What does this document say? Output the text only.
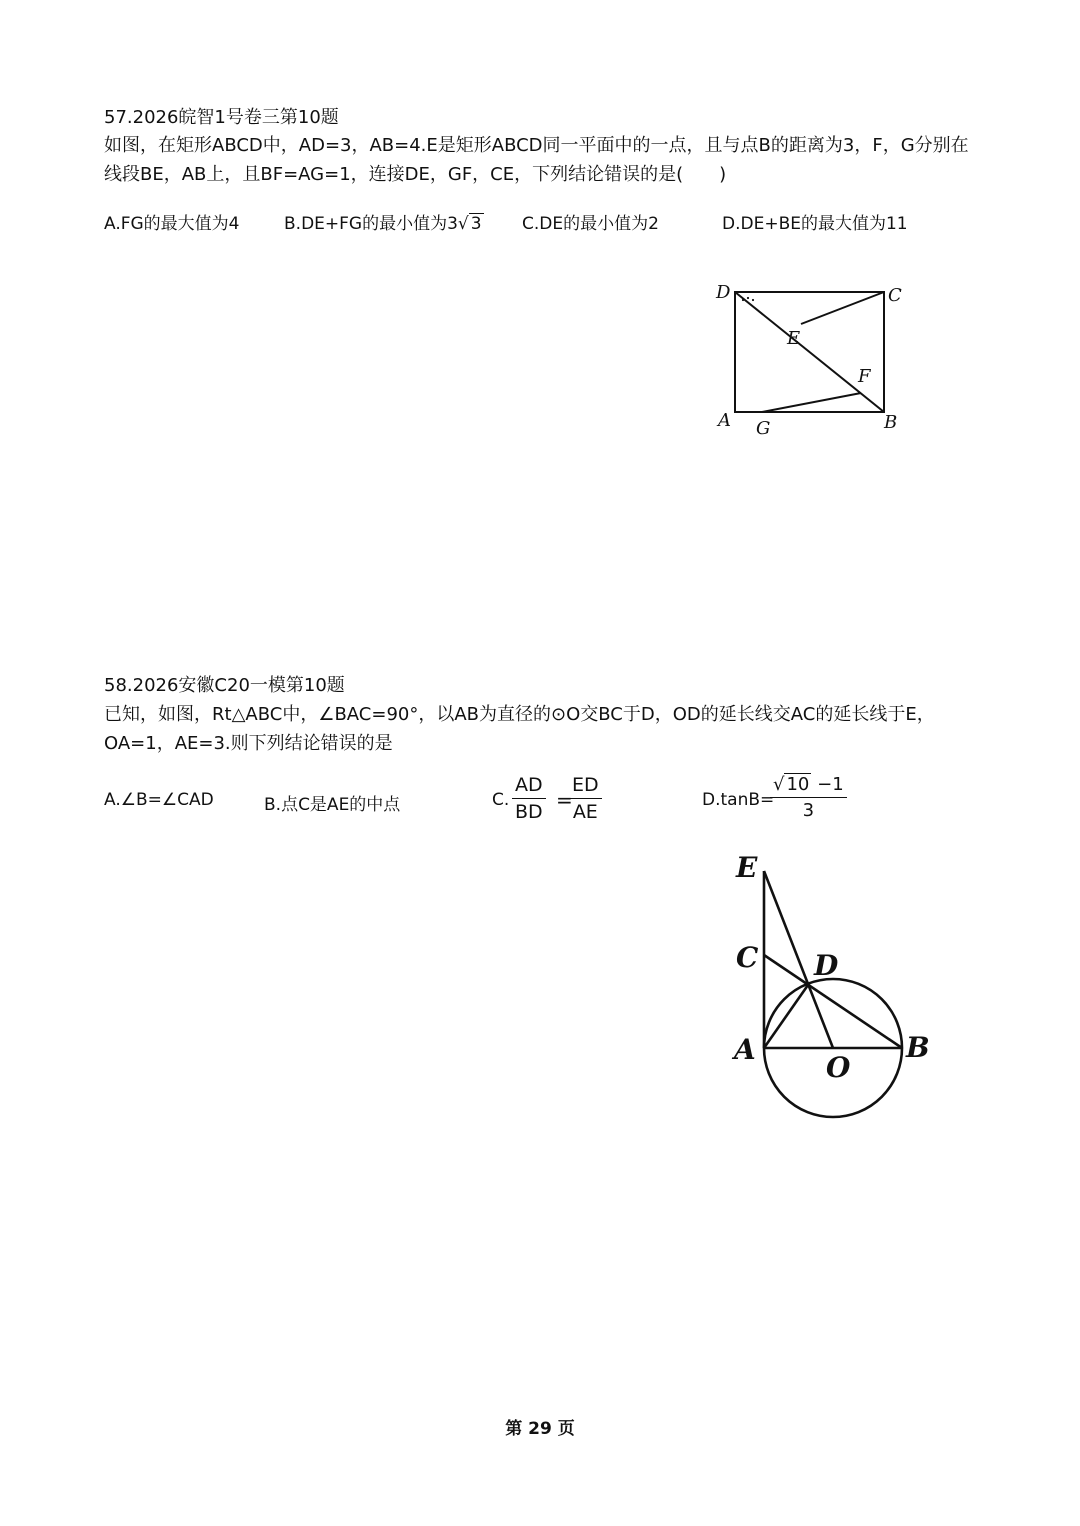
57.2026皖智1号卷三第10题
如图，在矩形ABCD中，AD=3，AB=4.E是矩形ABCD同一平面中的一点，且与点B的距离为3，F，G分别在
线段BE，AB上，且BF=AG=1，连接DE，GF，CE，下列结论错误的是(　　)
A.FG的最大值为4	B.DE+FG的最小值为3√ 3 C.DE的最小值为2	D.DE+BE的最大值为11
D	C
E
F
A G	B
58.2026安徽C20一模第10题
已知，如图，Rt△ABC中，∠BAC=90°，以AB为直径的⊙O交BC于D，OD的延长线交AC的延长线于E，
OA=1，AE=3.则下列结论错误的是
A.∠B=∠CAD	B.点C是AE的中点	C. $\frac{AD}{BD}$ =
$\frac{ED}{AE}$	D.tanB=
$\frac{√ 10 -1}{3}$
E
C D
A
O
B
第 29 页
